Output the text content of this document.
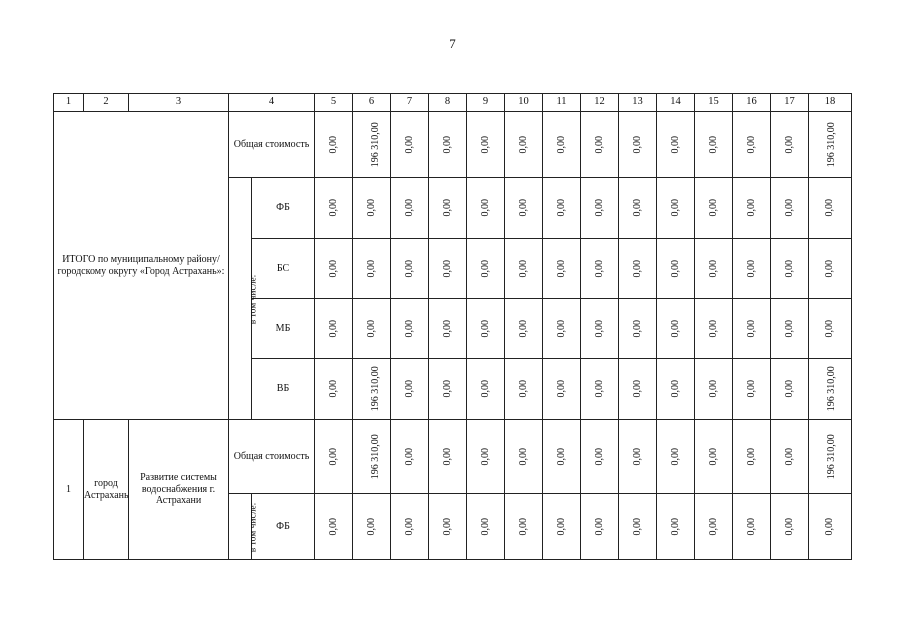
7
1	2	3	4		5	6	7	8	9	10	11	12	13	14	15	16	17	18

ИТОГО по муниципальному району/городскому округу «Город Астрахань»:			Общая стоимость		0,00	196 310,00	0,00	0,00	0,00	0,00	0,00	0,00	0,00	0,00	0,00	0,00	0,00	196 310,00
			в том числе:	ФБ	0,00	0,00	0,00	0,00	0,00	0,00	0,00	0,00	0,00	0,00	0,00	0,00	0,00	0,00
				БС	0,00	0,00	0,00	0,00	0,00	0,00	0,00	0,00	0,00	0,00	0,00	0,00	0,00	0,00
				МБ	0,00	0,00	0,00	0,00	0,00	0,00	0,00	0,00	0,00	0,00	0,00	0,00	0,00	0,00
				ВБ	0,00	196 310,00	0,00	0,00	0,00	0,00	0,00	0,00	0,00	0,00	0,00	0,00	0,00	196 310,00
1	город Астрахань	Развитие системы водоснабжения г. Астрахани	Общая стоимость		0,00	196 310,00	0,00	0,00	0,00	0,00	0,00	0,00	0,00	0,00	0,00	0,00	0,00	196 310,00
			в том числе:	ФБ	0,00	0,00	0,00	0,00	0,00	0,00	0,00	0,00	0,00	0,00	0,00	0,00	0,00	0,00
